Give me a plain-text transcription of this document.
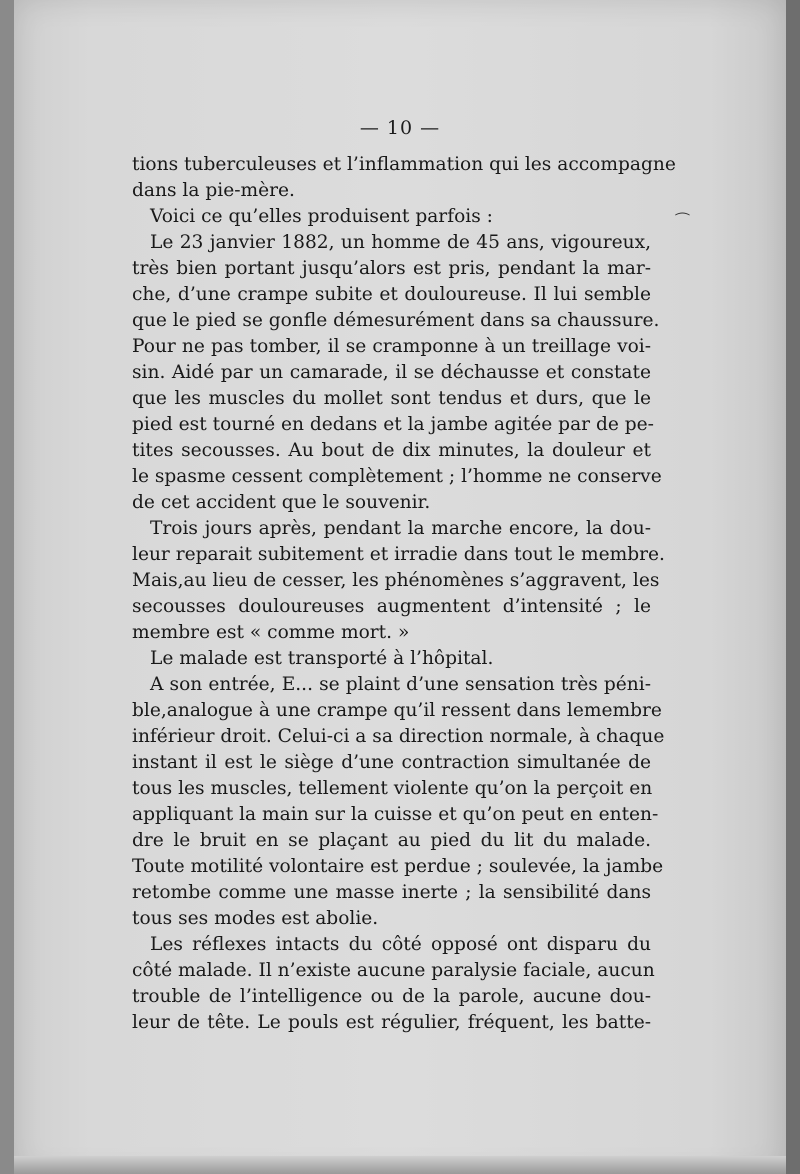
— 10 —
tions tuberculeuses et l’inflammation qui les accompagne
dans la pie-mère.
Voici ce qu’elles produisent parfois :
Le 23 janvier 1882, un homme de 45 ans, vigoureux,
très bien portant jusqu’alors est pris, pendant la mar-
che, d’une crampe subite et douloureuse. Il lui semble
que le pied se gonfle démesurément dans sa chaussure.
Pour ne pas tomber, il se cramponne à un treillage voi-
sin. Aidé par un camarade, il se déchausse et constate
que les muscles du mollet sont tendus et durs, que le
pied est tourné en dedans et la jambe agitée par de pe-
tites secousses. Au bout de dix minutes, la douleur et
le spasme cessent complètement ; l’homme ne conserve
de cet accident que le souvenir.
Trois jours après, pendant la marche encore, la dou-
leur reparait subitement et irradie dans tout le membre.
Mais,au lieu de cesser, les phénomènes s’aggravent, les
secousses douloureuses augmentent d’intensité ; le
membre est « comme mort. »
Le malade est transporté à l’hôpital.
A son entrée, E... se plaint d’une sensation très péni-
ble,analogue à une crampe qu’il ressent dans lemembre
inférieur droit. Celui-ci a sa direction normale, à chaque
instant il est le siège d’une contraction simultanée de
tous les muscles, tellement violente qu’on la perçoit en
appliquant la main sur la cuisse et qu’on peut en enten-
dre le bruit en se plaçant au pied du lit du malade.
Toute motilité volontaire est perdue ; soulevée, la jambe
retombe comme une masse inerte ; la sensibilité dans
tous ses modes est abolie.
Les réflexes intacts du côté opposé ont disparu du
côté malade. Il n’existe aucune paralysie faciale, aucun
trouble de l’intelligence ou de la parole, aucune dou-
leur de tête. Le pouls est régulier, fréquent, les batte-
⁀
